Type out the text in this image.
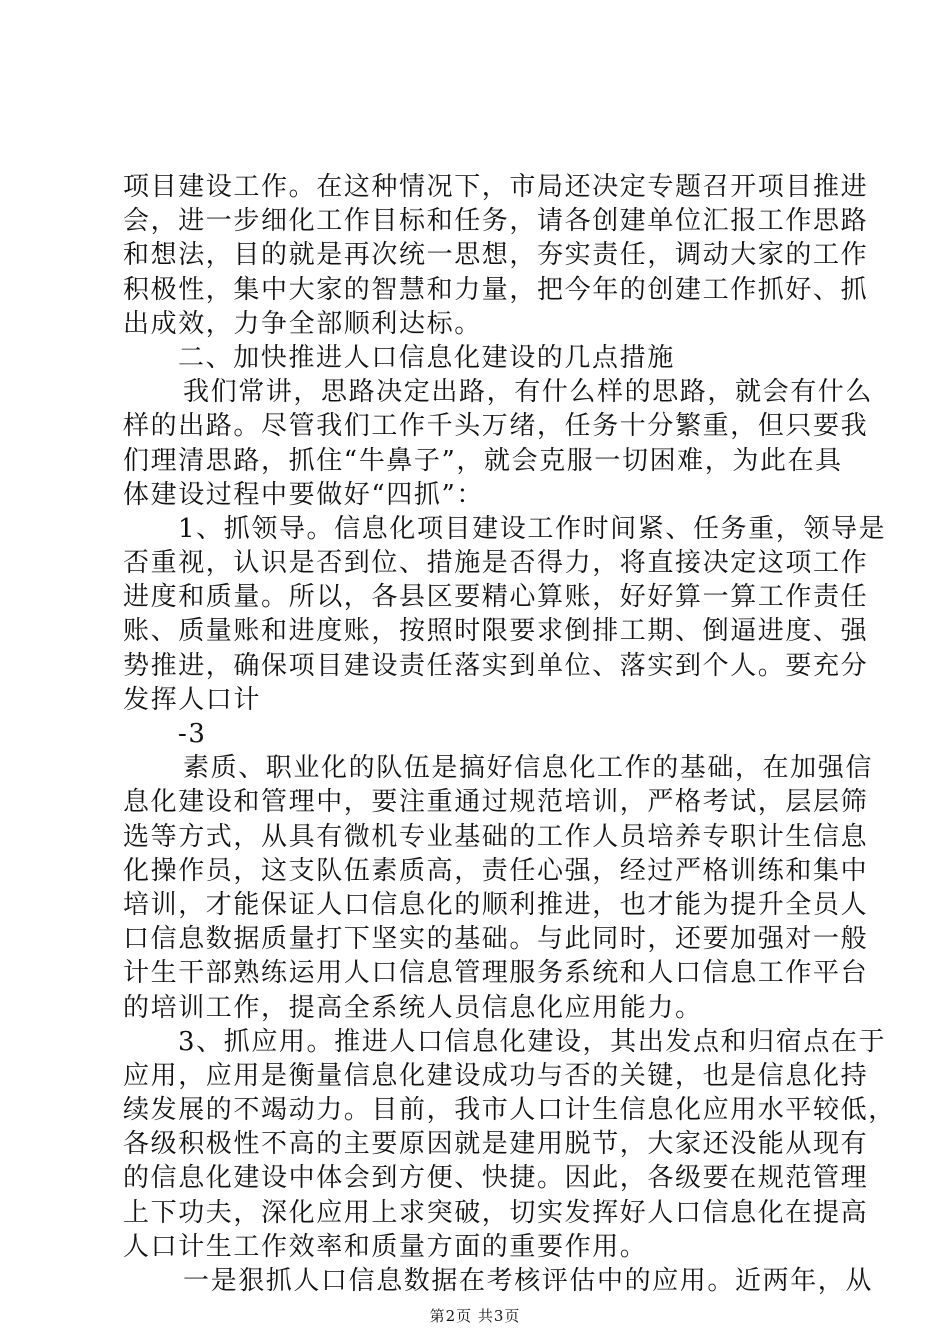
项目建设工作。在这种情况下，市局还决定专题召开项目推进
会，进一步细化工作目标和任务，请各创建单位汇报工作思路
和想法，目的就是再次统一思想，夯实责任，调动大家的工作
积极性，集中大家的智慧和力量，把今年的创建工作抓好、抓
出成效，力争全部顺利达标。
二、加快推进人口信息化建设的几点措施
我们常讲，思路决定出路，有什么样的思路，就会有什么
样的出路。尽管我们工作千头万绪，任务十分繁重，但只要我
们理清思路，抓住“牛鼻子”，就会克服一切困难，为此在具
体建设过程中要做好“四抓”：
1、抓领导。信息化项目建设工作时间紧、任务重，领导是
否重视，认识是否到位、措施是否得力，将直接决定这项工作
进度和质量。所以，各县区要精心算账，好好算一算工作责任
账、质量账和进度账，按照时限要求倒排工期、倒逼进度、强
势推进，确保项目建设责任落实到单位、落实到个人。要充分
发挥人口计
-3
素质、职业化的队伍是搞好信息化工作的基础，在加强信
息化建设和管理中，要注重通过规范培训，严格考试，层层筛
选等方式，从具有微机专业基础的工作人员培养专职计生信息
化操作员，这支队伍素质高，责任心强，经过严格训练和集中
培训，才能保证人口信息化的顺利推进，也才能为提升全员人
口信息数据质量打下坚实的基础。与此同时，还要加强对一般
计生干部熟练运用人口信息管理服务系统和人口信息工作平台
的培训工作，提高全系统人员信息化应用能力。
3、抓应用。推进人口信息化建设，其出发点和归宿点在于
应用，应用是衡量信息化建设成功与否的关键，也是信息化持
续发展的不竭动力。目前，我市人口计生信息化应用水平较低，
各级积极性不高的主要原因就是建用脱节，大家还没能从现有
的信息化建设中体会到方便、快捷。因此，各级要在规范管理
上下功夫，深化应用上求突破，切实发挥好人口信息化在提高
人口计生工作效率和质量方面的重要作用。
一是狠抓人口信息数据在考核评估中的应用。近两年，从
第2页 共3页
